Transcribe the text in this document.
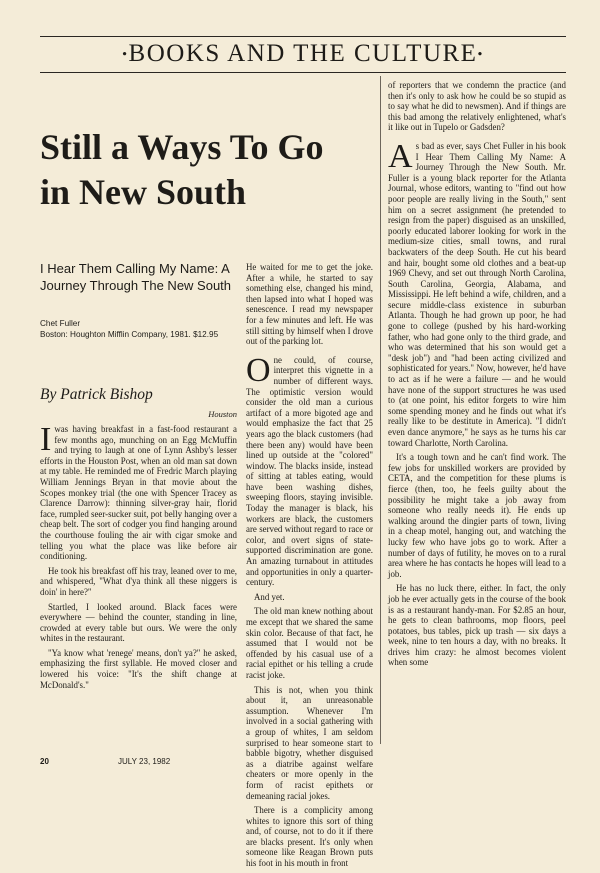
•BOOKS AND THE CULTURE•
Still a Ways To Go
in New South
I Hear Them Calling My Name: A Journey Through The New South
Chet Fuller
Boston: Houghton Mifflin Company, 1981. $12.95
By Patrick Bishop
Houston

Iwas having breakfast in a fast-food restaurant a few months ago, munching on an Egg McMuffin and trying to laugh at one of Lynn Ashby's lesser efforts in the Houston Post, when an old man sat down at my table. He reminded me of Fredric March playing William Jennings Bryan in that movie about the Scopes monkey trial (the one with Spencer Tracey as Clarence Darrow): thinning silver-gray hair, florid face, rumpled seer-sucker suit, pot belly hanging over a cheap belt. The sort of codger you find hanging around the courthouse fouling the air with cigar smoke and telling you what the place was like before air conditioning.

He took his breakfast off his tray, leaned over to me, and whispered, "What d'ya think all these niggers is doin' in here?"

Startled, I looked around. Black faces were everywhere — behind the counter, standing in line, crowded at every table but ours. We were the only whites in the restaurant.

"Ya know what 'renege' means, don't ya?" he asked, emphasizing the first syllable. He moved closer and lowered his voice: "It's the shift change at McDonald's."

He waited for me to get the joke. After a while, he started to say something else, changed his mind, then lapsed into what I hoped was senescence. I read my newspaper for a few minutes and left. He was still sitting by himself when I drove out of the parking lot.

One could, of course, interpret this vignette in a number of different ways. The optimistic version would consider the old man a curious artifact of a more bigoted age and would emphasize the fact that 25 years ago the black customers (had there been any) would have been lined up outside at the "colored" window. The blacks inside, instead of sitting at tables eating, would have been washing dishes, sweeping floors, staying invisible. Today the manager is black, his workers are black, the customers are served without regard to race or color, and overt signs of state-supported discrimination are gone. An amazing turnabout in attitudes and opportunities in only a quarter-century.

And yet.

The old man knew nothing about me except that we shared the same skin color. Because of that fact, he assumed that I would not be offended by his casual use of a racial epithet or his telling a crude racist joke.

This is not, when you think about it, an unreasonable assumption. Whenever I'm involved in a social gathering with a group of whites, I am seldom surprised to hear someone start to babble bigotry, whether disguised as a diatribe against welfare cheaters or more openly in the form of racist epithets or demeaning racial jokes.

There is a complicity among whites to ignore this sort of thing and, of course, not to do it if there are blacks present. It's only when someone like Reagan Brown puts his foot in his mouth in front

of reporters that we condemn the practice (and then it's only to ask how he could be so stupid as to say what he did to newsmen). And if things are this bad among the relatively enlightened, what's it like out in Tupelo or Gadsden?

As bad as ever, says Chet Fuller in his book I Hear Them Calling My Name: A Journey Through the New South. Mr. Fuller is a young black reporter for the Atlanta Journal, whose editors, wanting to "find out how poor people are really living in the South," sent him on a secret assignment (he pretended to resign from the paper) disguised as an unskilled, poorly educated laborer looking for work in the medium-size cities, small towns, and rural backwaters of the deep South. He cut his beard and hair, bought some old clothes and a beat-up 1969 Chevy, and set out through North Carolina, South Carolina, Georgia, Alabama, and Mississippi. He left behind a wife, children, and a secure middle-class existence in suburban Atlanta. Though he had grown up poor, he had gone to college (pushed by his hard-working father, who had gone only to the third grade, and who was determined that his son would get a "desk job") and "had been acting civilized and sophisticated for years." Now, however, he'd have to act as if he were a failure — and he would have none of the support structures he was used to (at one point, his editor forgets to wire him some spending money and he finds out what it's really like to be destitute in America). "I didn't even dance anymore," he says as he turns his car toward Charlotte, North Carolina.

It's a tough town and he can't find work. The few jobs for unskilled workers are provided by CETA, and the competition for these plums is fierce (then, too, he feels guilty about the possibility he might take a job away from someone who really needs it). He ends up walking around the dingier parts of town, living in a cheap motel, hanging out, and watching the lucky few who have jobs go to work. After a number of days of futility, he moves on to a rural area where he has contacts he hopes will lead to a job.

He has no luck there, either. In fact, the only job he ever actually gets in the course of the book is as a restaurant handy-man. For $2.85 an hour, he gets to clean bathrooms, mop floors, peel potatoes, bus tables, pick up trash — six days a week, nine to ten hours a day, with no breaks. It drives him crazy: he almost becomes violent when some

20	JULY 23, 1982
